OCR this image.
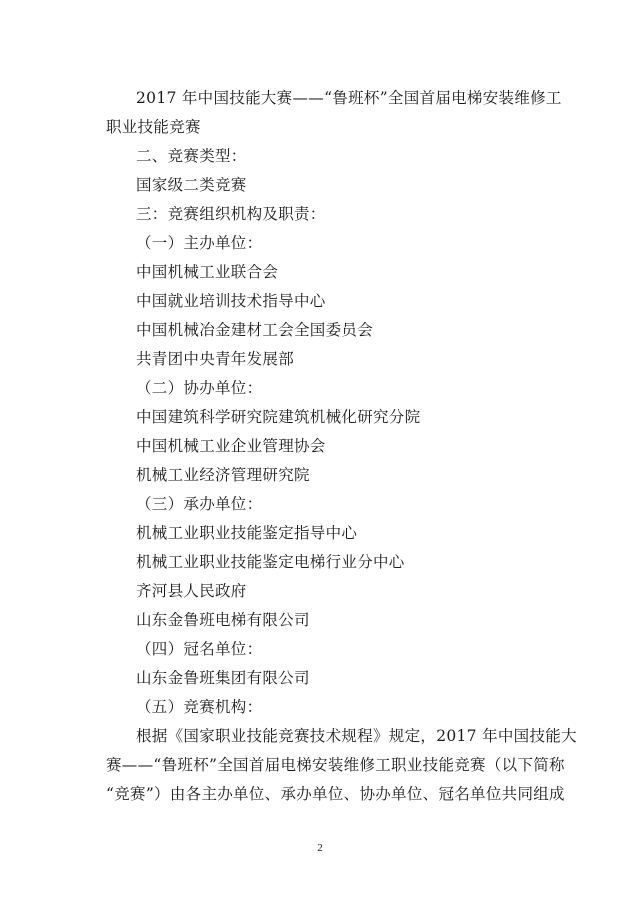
2017 年中国技能大赛——“鲁班杯”全国首届电梯安装维修工
职业技能竞赛
二、竞赛类型：
国家级二类竞赛
三：竞赛组织机构及职责：
（一）主办单位：
中国机械工业联合会
中国就业培训技术指导中心
中国机械冶金建材工会全国委员会
共青团中央青年发展部
（二）协办单位：
中国建筑科学研究院建筑机械化研究分院
中国机械工业企业管理协会
机械工业经济管理研究院
（三）承办单位：
机械工业职业技能鉴定指导中心
机械工业职业技能鉴定电梯行业分中心
齐河县人民政府
山东金鲁班电梯有限公司
（四）冠名单位：
山东金鲁班集团有限公司
（五）竞赛机构：
根据《国家职业技能竞赛技术规程》规定，2017 年中国技能大
赛——“鲁班杯”全国首届电梯安装维修工职业技能竞赛（以下简称
“竞赛”）由各主办单位、承办单位、协办单位、冠名单位共同组成
2
